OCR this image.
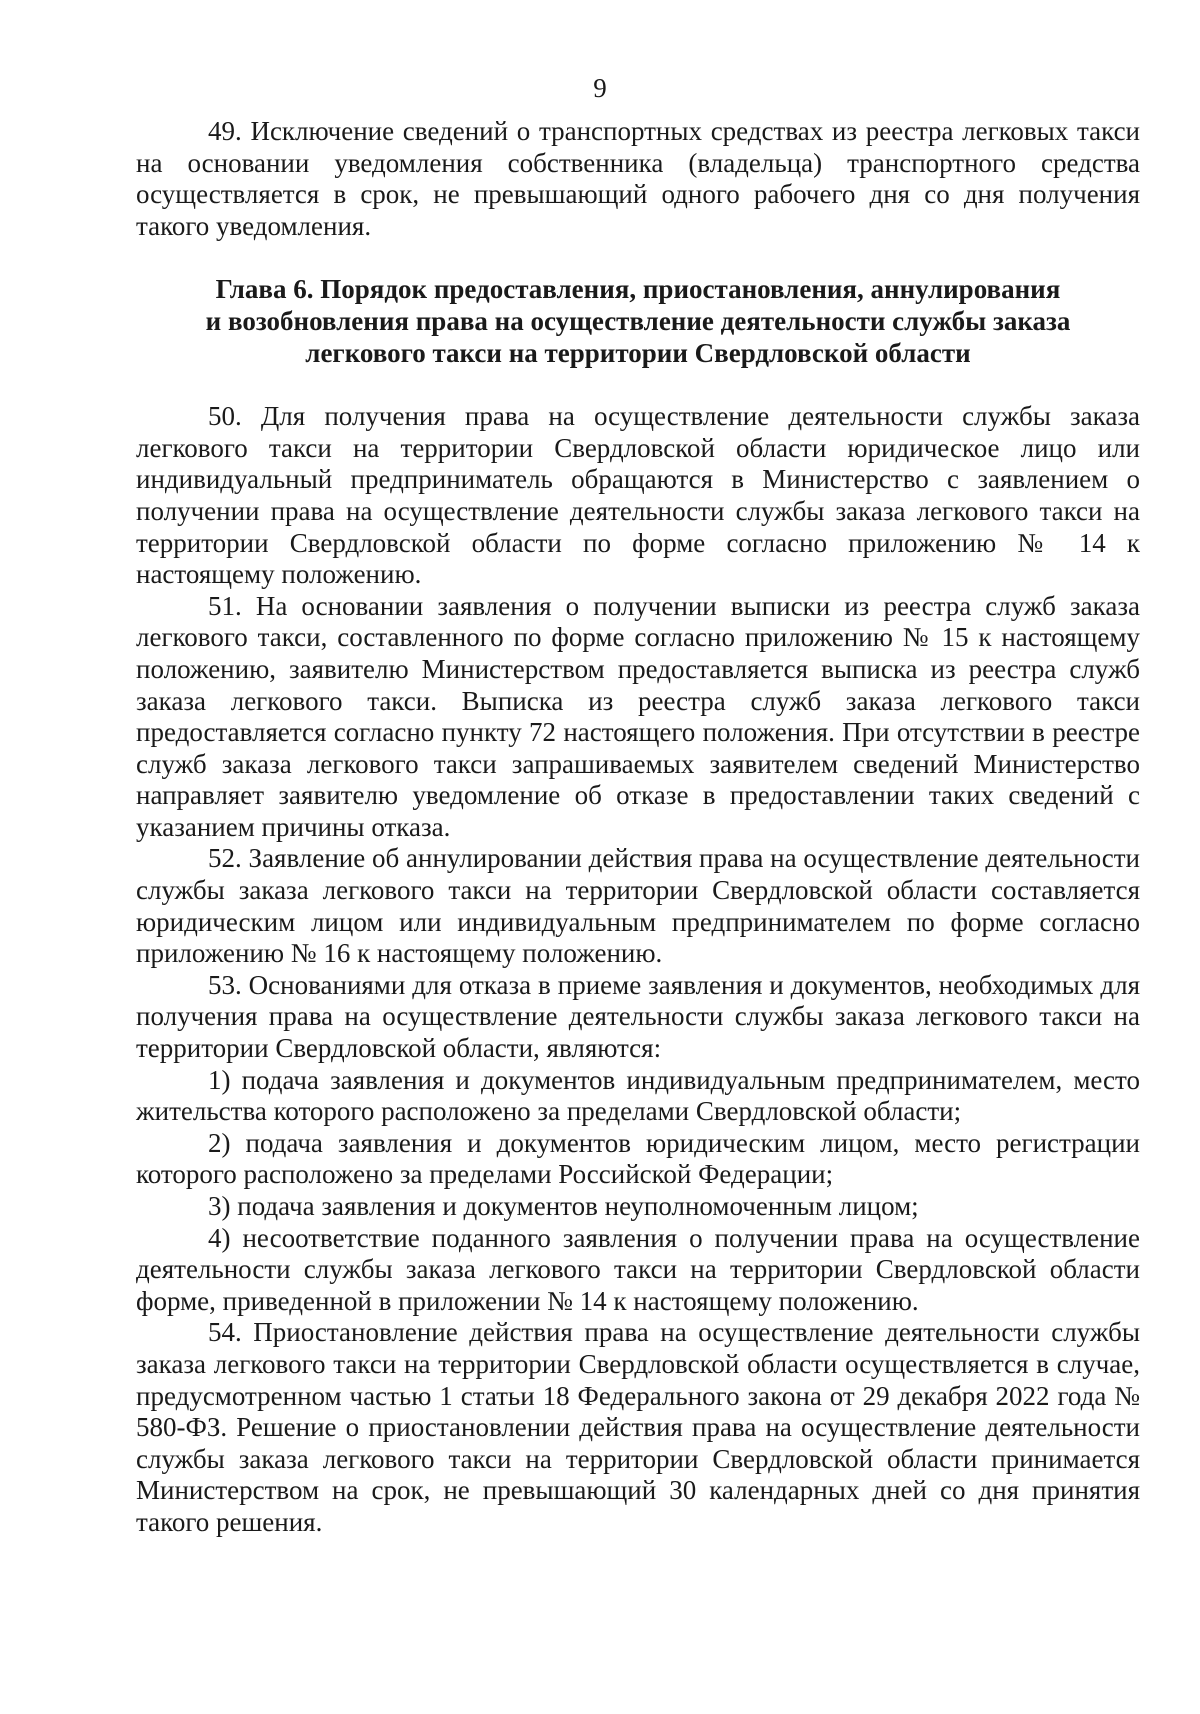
9

49. Исключение сведений о транспортных средствах из реестра легковых такси на основании уведомления собственника (владельца) транспортного средства осуществляется в срок, не превышающий одного рабочего дня со дня получения такого уведомления.

Глава 6. Порядок предоставления, приостановления, аннулирования
и возобновления права на осуществление деятельности службы заказа
легкового такси на территории Свердловской области

50. Для получения права на осуществление деятельности службы заказа легкового такси на территории Свердловской области юридическое лицо или индивидуальный предприниматель обращаются в Министерство с заявлением о получении права на осуществление деятельности службы заказа легкового такси на территории Свердловской области по форме согласно приложению № 14 к настоящему положению.

51. На основании заявления о получении выписки из реестра служб заказа легкового такси, составленного по форме согласно приложению № 15 к настоящему положению, заявителю Министерством предоставляется выписка из реестра служб заказа легкового такси. Выписка из реестра служб заказа легкового такси предоставляется согласно пункту 72 настоящего положения. При отсутствии в реестре служб заказа легкового такси запрашиваемых заявителем сведений Министерство направляет заявителю уведомление об отказе в предоставлении таких сведений с указанием причины отказа.

52. Заявление об аннулировании действия права на осуществление деятельности службы заказа легкового такси на территории Свердловской области составляется юридическим лицом или индивидуальным предпринимателем по форме согласно приложению № 16 к настоящему положению.

53. Основаниями для отказа в приеме заявления и документов, необходимых для получения права на осуществление деятельности службы заказа легкового такси на территории Свердловской области, являются:

1) подача заявления и документов индивидуальным предпринимателем, место жительства которого расположено за пределами Свердловской области;

2) подача заявления и документов юридическим лицом, место регистрации которого расположено за пределами Российской Федерации;

3) подача заявления и документов неуполномоченным лицом;

4) несоответствие поданного заявления о получении права на осуществление деятельности службы заказа легкового такси на территории Свердловской области форме, приведенной в приложении № 14 к настоящему положению.

54. Приостановление действия права на осуществление деятельности службы заказа легкового такси на территории Свердловской области осуществляется в случае, предусмотренном частью 1 статьи 18 Федерального закона от 29 декабря 2022 года № 580-ФЗ. Решение о приостановлении действия права на осуществление деятельности службы заказа легкового такси на территории Свердловской области принимается Министерством на срок, не превышающий 30 календарных дней со дня принятия такого решения.
